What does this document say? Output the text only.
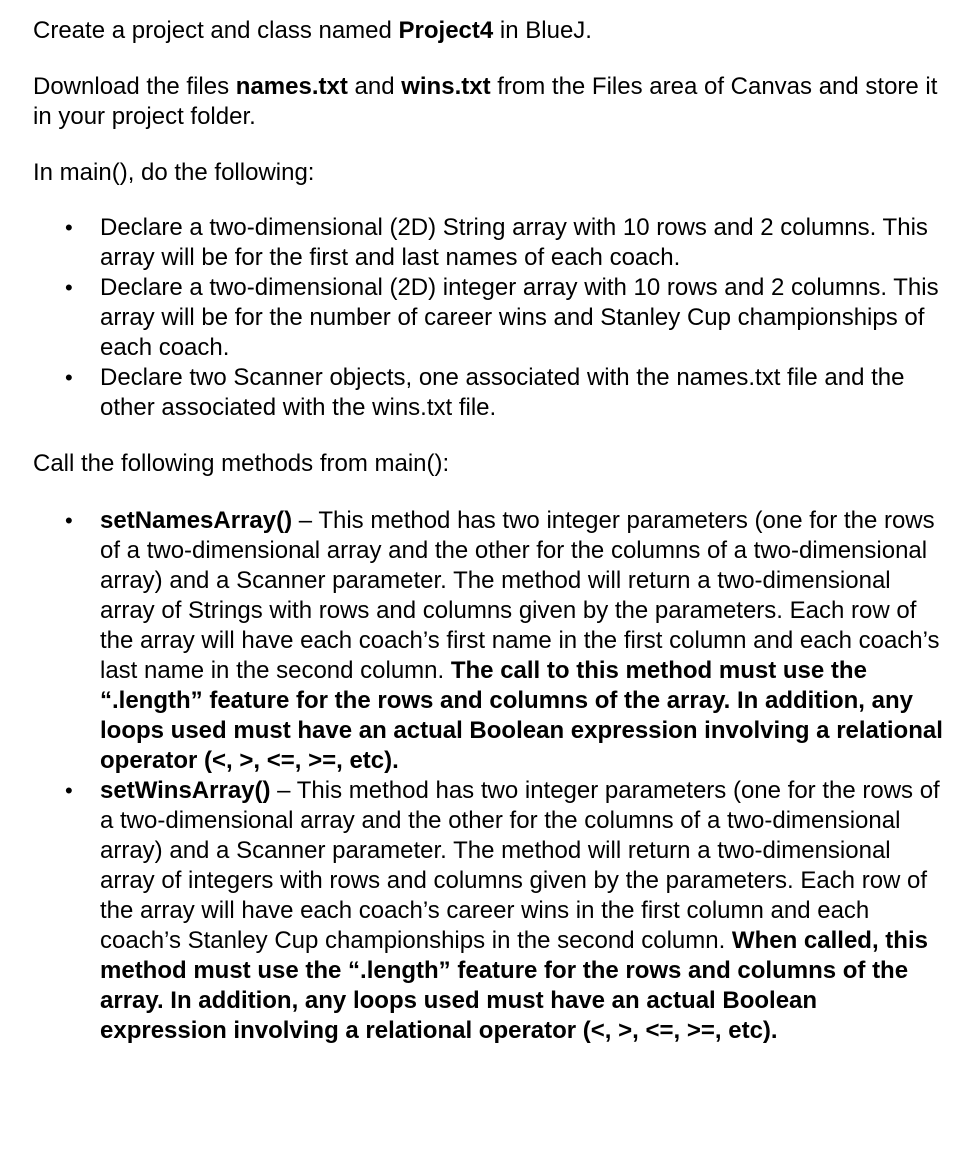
Create a project and class named Project4 in BlueJ.

Download the files names.txt and wins.txt from the Files area of Canvas and store it in your project folder.

In main(), do the following:

• Declare a two-dimensional (2D) String array with 10 rows and 2 columns. This array will be for the first and last names of each coach.
• Declare a two-dimensional (2D) integer array with 10 rows and 2 columns. This array will be for the number of career wins and Stanley Cup championships of each coach.
• Declare two Scanner objects, one associated with the names.txt file and the other associated with the wins.txt file.

Call the following methods from main():

• setNamesArray() – This method has two integer parameters (one for the rows of a two-dimensional array and the other for the columns of a two-dimensional array) and a Scanner parameter. The method will return a two-dimensional array of Strings with rows and columns given by the parameters. Each row of the array will have each coach’s first name in the first column and each coach’s last name in the second column. The call to this method must use the “.length” feature for the rows and columns of the array. In addition, any loops used must have an actual Boolean expression involving a relational operator (<, >, <=, >=, etc).
• setWinsArray() – This method has two integer parameters (one for the rows of a two-dimensional array and the other for the columns of a two-dimensional array) and a Scanner parameter. The method will return a two-dimensional array of integers with rows and columns given by the parameters. Each row of the array will have each coach’s career wins in the first column and each coach’s Stanley Cup championships in the second column. When called, this method must use the “.length” feature for the rows and columns of the array. In addition, any loops used must have an actual Boolean expression involving a relational operator (<, >, <=, >=, etc).
